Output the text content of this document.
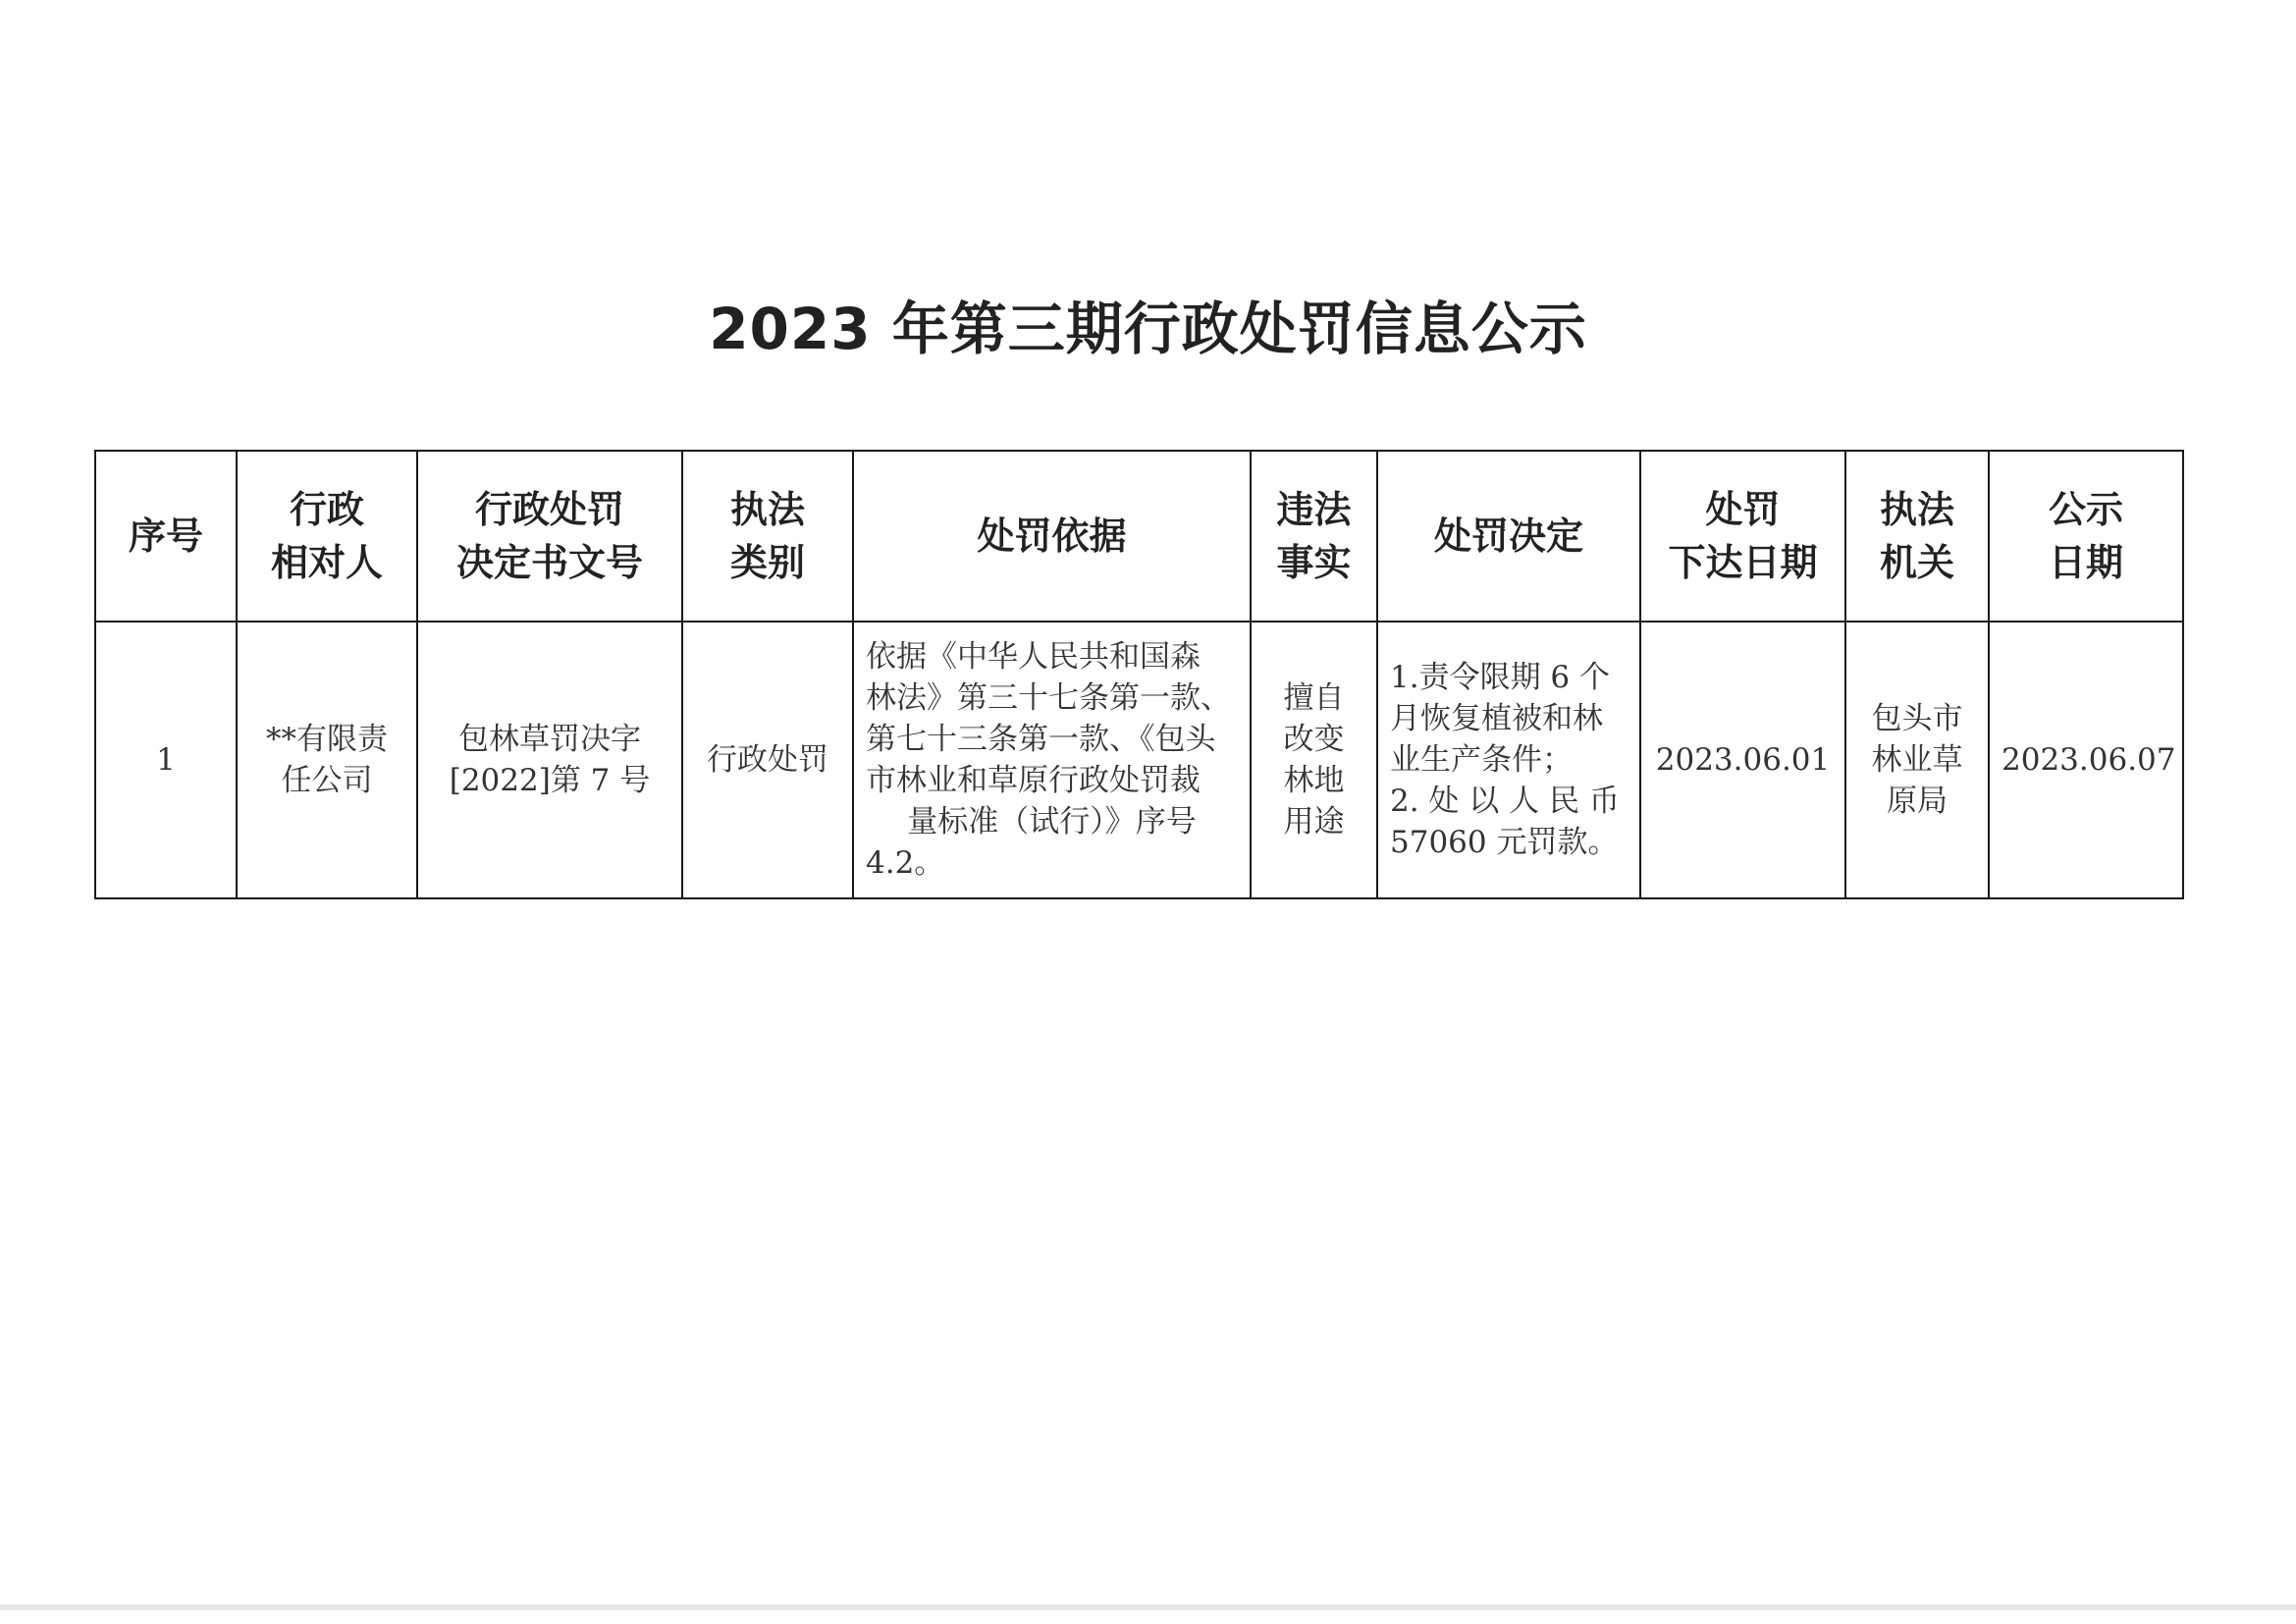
2023 年第三期行政处罚信息公示
序号	行政
相对人	行政处罚
决定书文号	执法
类别	处罚依据	违法
事实	处罚决定	处罚
下达日期	执法
机关	公示
日期

1	**有限责
任公司	包林草罚决字
[2022]第 7 号	行政处罚	依据《中华人民共和国森
林法》第三十七条第一款、
第七十三条第一款、《包头
市林业和草原行政处罚裁
量标准（试行）》序号 4.2。	擅自
改变
林地
用途	1.责令限期 6 个
月恢复植被和林
业生产条件；
2. 处 以 人 民 币
57060 元罚款。	2023.06.01	包头市
林业草
原局	2023.06.07
